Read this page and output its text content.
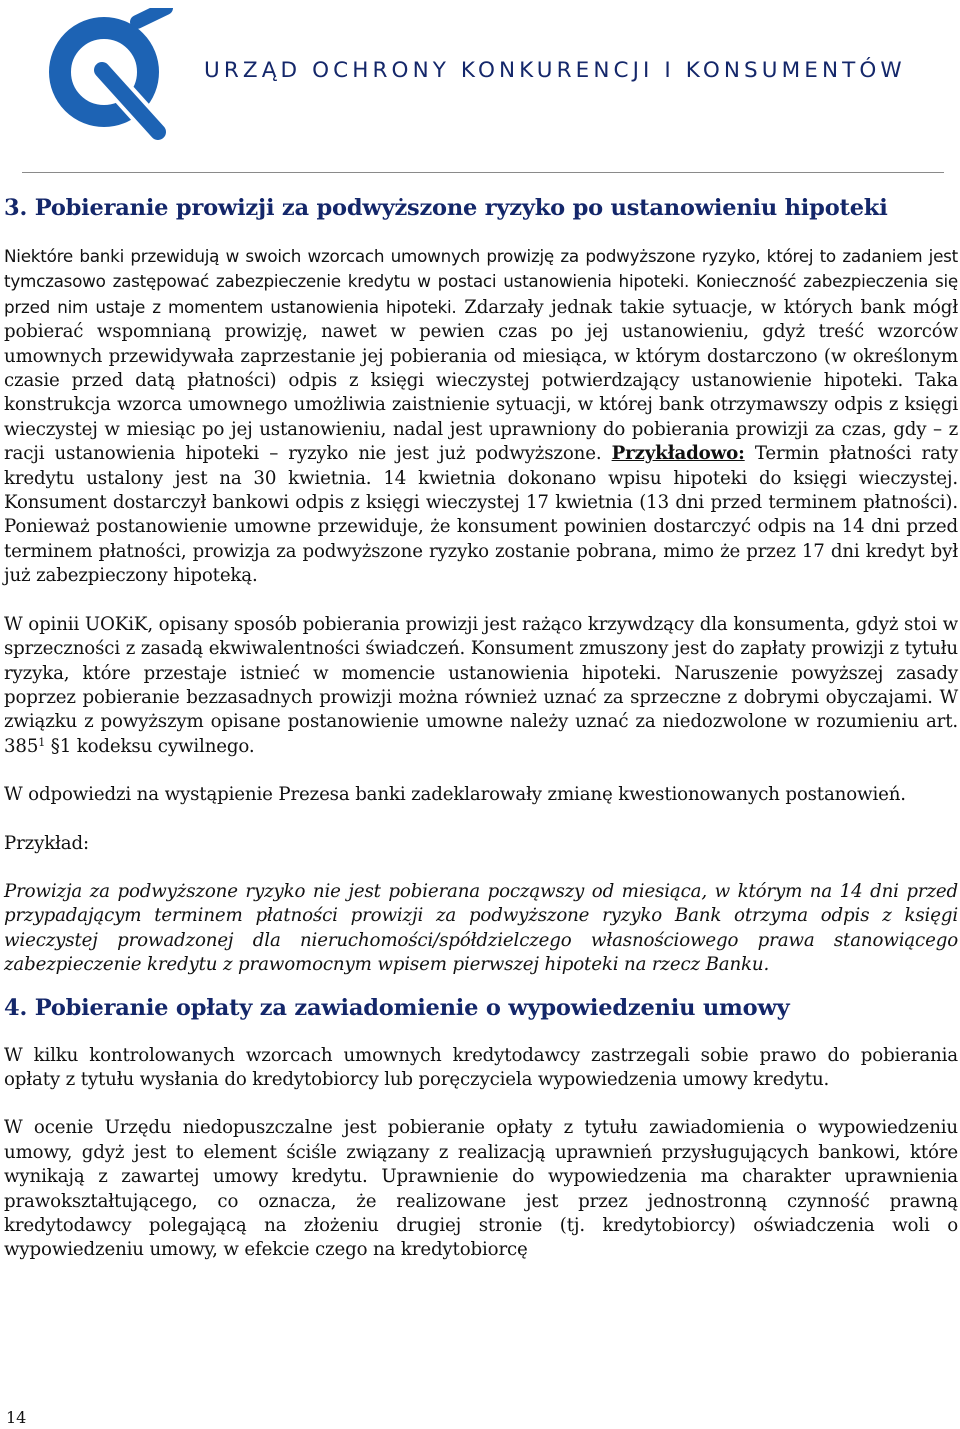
URZĄD OCHRONY KONKURENCJI I KONSUMENTÓW
3. Pobieranie prowizji za podwyższone ryzyko po ustanowieniu hipoteki

Niektóre banki przewidują w swoich wzorcach umownych prowizję za podwyższone ryzyko, której to zadaniem jest tymczasowo zastępować zabezpieczenie kredytu w postaci ustanowienia hipoteki. Konieczność zabezpieczenia się przed nim ustaje z momentem ustanowienia hipoteki. Zdarzały jednak takie sytuacje, w których bank mógł pobierać wspomnianą prowizję, nawet w pewien czas po jej ustanowieniu, gdyż treść wzorców umownych przewidywała zaprzestanie jej pobierania od miesiąca, w którym dostarczono (w określonym czasie przed datą płatności) odpis z księgi wieczystej potwierdzający ustanowienie hipoteki. Taka konstrukcja wzorca umownego umożliwia zaistnienie sytuacji, w której bank otrzymawszy odpis z księgi wieczystej w miesiąc po jej ustanowieniu, nadal jest uprawniony do pobierania prowizji za czas, gdy – z racji ustanowienia hipoteki – ryzyko nie jest już podwyższone. Przykładowo: Termin płatności raty kredytu ustalony jest na 30 kwietnia. 14 kwietnia dokonano wpisu hipoteki do księgi wieczystej. Konsument dostarczył bankowi odpis z księgi wieczystej 17 kwietnia (13 dni przed terminem płatności). Ponieważ postanowienie umowne przewiduje, że konsument powinien dostarczyć odpis na 14 dni przed terminem płatności, prowizja za podwyższone ryzyko zostanie pobrana, mimo że przez 17 dni kredyt był już zabezpieczony hipoteką.

W opinii UOKiK, opisany sposób pobierania prowizji jest rażąco krzywdzący dla konsumenta, gdyż stoi w sprzeczności z zasadą ekwiwalentności świadczeń. Konsument zmuszony jest do zapłaty prowizji z tytułu ryzyka, które przestaje istnieć w momencie ustanowienia hipoteki. Naruszenie powyższej zasady poprzez pobieranie bezzasadnych prowizji można również uznać za sprzeczne z dobrymi obyczajami. W związku z powyższym opisane postanowienie umowne należy uznać za niedozwolone w rozumieniu art. $385^1$ §1 kodeksu cywilnego.

W odpowiedzi na wystąpienie Prezesa banki zadeklarowały zmianę kwestionowanych postanowień.

Przykład:

Prowizja za podwyższone ryzyko nie jest pobierana począwszy od miesiąca, w którym na 14 dni przed przypadającym terminem płatności prowizji za podwyższone ryzyko Bank otrzyma odpis z księgi wieczystej prowadzonej dla nieruchomości/spółdzielczego własnościowego prawa stanowiącego zabezpieczenie kredytu z prawomocnym wpisem pierwszej hipoteki na rzecz Banku.

4. Pobieranie opłaty za zawiadomienie o wypowiedzeniu umowy

W kilku kontrolowanych wzorcach umownych kredytodawcy zastrzegali sobie prawo do pobierania opłaty z tytułu wysłania do kredytobiorcy lub poręczyciela wypowiedzenia umowy kredytu.

W ocenie Urzędu niedopuszczalne jest pobieranie opłaty z tytułu zawiadomienia o wypowiedzeniu umowy, gdyż jest to element ściśle związany z realizacją uprawnień przysługujących bankowi, które wynikają z zawartej umowy kredytu. Uprawnienie do wypowiedzenia ma charakter uprawnienia prawokształtującego, co oznacza, że realizowane jest przez jednostronną czynność prawną kredytodawcy polegającą na złożeniu drugiej stronie (tj. kredytobiorcy) oświadczenia woli o wypowiedzeniu umowy, w efekcie czego na kredytobiorcę

14
